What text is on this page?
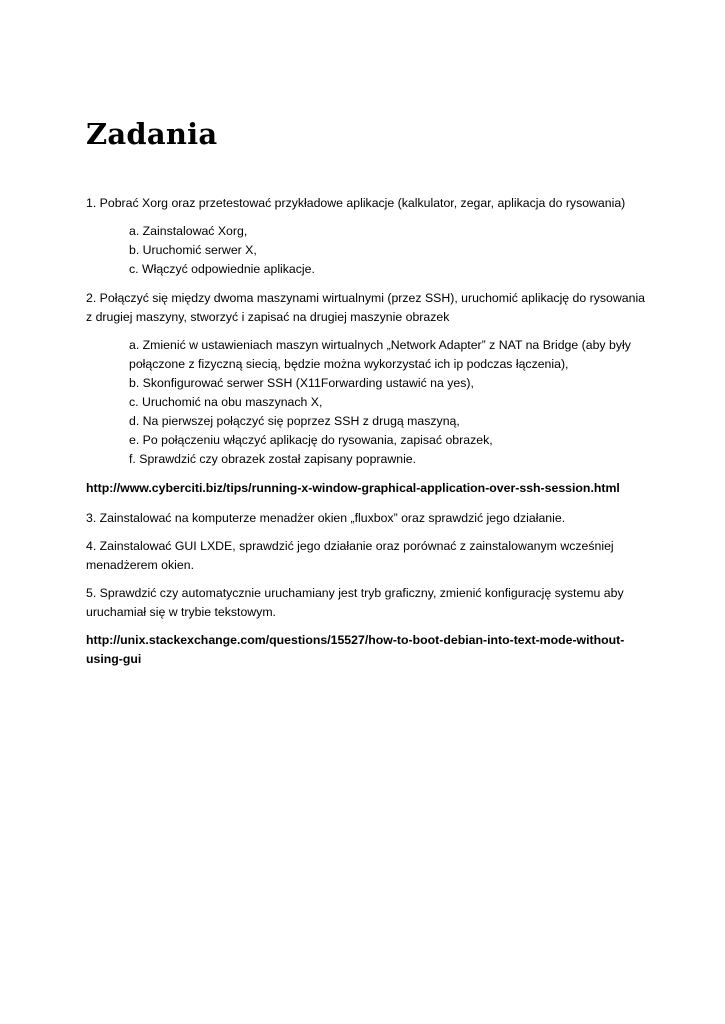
Zadania

1. Pobrać Xorg oraz przetestować przykładowe aplikacje (kalkulator, zegar, aplikacja do rysowania)

a. Zainstalować Xorg,
b. Uruchomić serwer X,
c. Włączyć odpowiednie aplikacje.

2. Połączyć się między dwoma maszynami wirtualnymi (przez SSH), uruchomić aplikację do rysowania z drugiej maszyny, stworzyć i zapisać na drugiej maszynie obrazek

a. Zmienić w ustawieniach maszyn wirtualnych „Network Adapter” z NAT na Bridge (aby były połączone z fizyczną siecią, będzie można wykorzystać ich ip podczas łączenia),
b. Skonfigurować serwer SSH (X11Forwarding ustawić na yes),
c. Uruchomić na obu maszynach X,
d. Na pierwszej połączyć się poprzez SSH z drugą maszyną,
e. Po połączeniu włączyć aplikację do rysowania, zapisać obrazek,
f. Sprawdzić czy obrazek został zapisany poprawnie.

http://www.cyberciti.biz/tips/running-x-window-graphical-application-over-ssh-session.html

3. Zainstalować na komputerze menadżer okien „fluxbox” oraz sprawdzić jego działanie.

4. Zainstalować GUI LXDE, sprawdzić jego działanie oraz porównać z zainstalowanym wcześniej menadżerem okien.

5. Sprawdzić czy automatycznie uruchamiany jest tryb graficzny, zmienić konfigurację systemu aby uruchamiał się w trybie tekstowym.

http://unix.stackexchange.com/questions/15527/how-to-boot-debian-into-text-mode-without-using-gui
